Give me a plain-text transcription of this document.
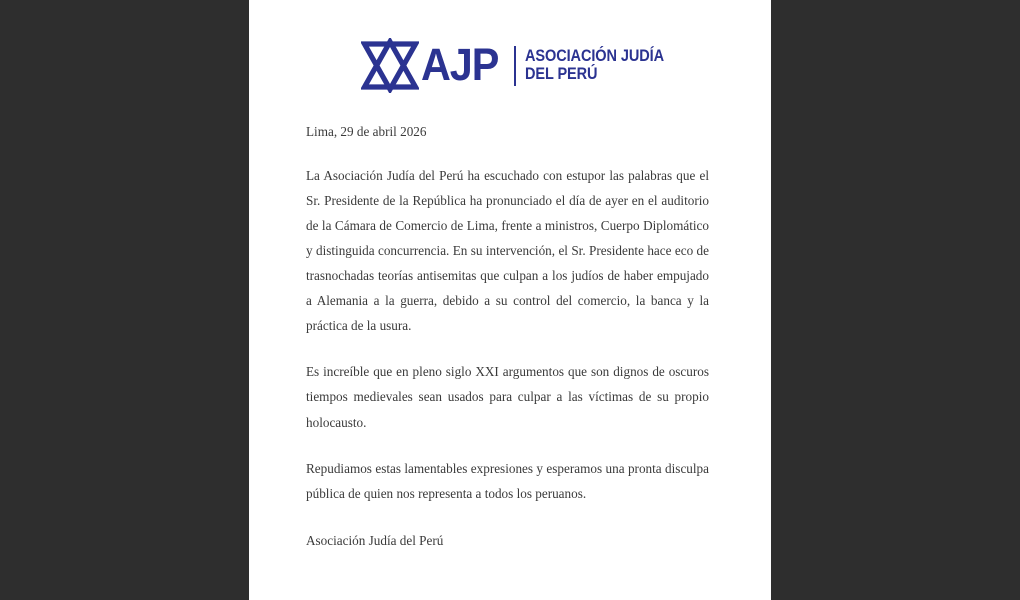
AJP ASOCIACIÓN JUDÍA
DEL PERÚ

Lima, 29 de abril 2026

La Asociación Judía del Perú ha escuchado con estupor las palabras que el Sr. Presidente de la República ha pronunciado el día de ayer en el auditorio de la Cámara de Comercio de Lima, frente a ministros, Cuerpo Diplomático y distinguida concurrencia. En su intervención, el Sr. Presidente hace eco de trasnochadas teorías antisemitas que culpan a los judíos de haber empujado a Alemania a la guerra, debido a su control del comercio, la banca y la práctica de la usura.

Es increíble que en pleno siglo XXI argumentos que son dignos de oscuros tiempos medievales sean usados para culpar a las víctimas de su propio holocausto.

Repudiamos estas lamentables expresiones y esperamos una pronta disculpa pública de quien nos representa a todos los peruanos.

Asociación Judía del Perú
